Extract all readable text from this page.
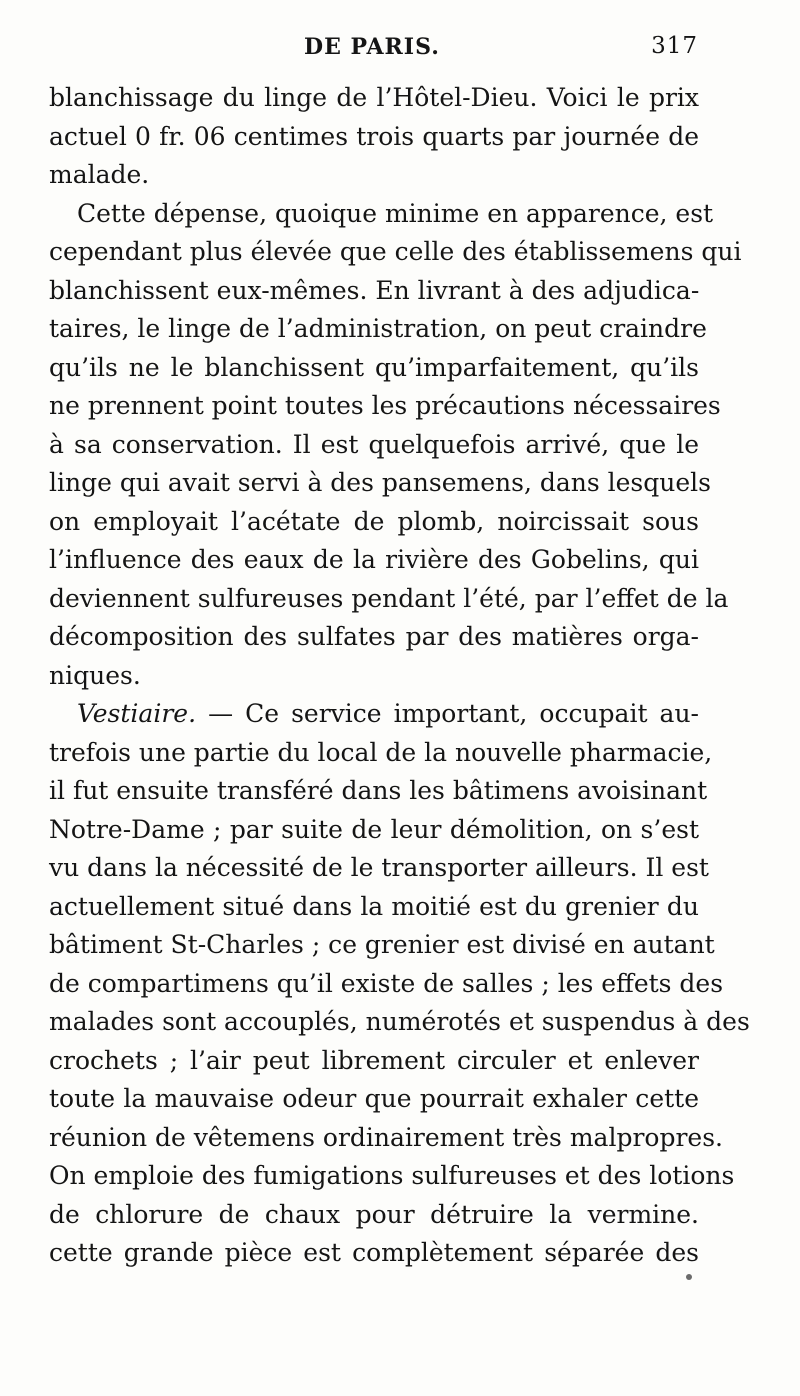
DE PARIS.	317
blanchissage du linge de l’Hôtel-Dieu. Voici le prix
actuel 0 fr. 06 centimes trois quarts par journée de
malade.
Cette dépense, quoique minime en apparence, est
cependant plus élevée que celle des établissemens qui
blanchissent eux-mêmes. En livrant à des adjudica-
taires, le linge de l’administration, on peut craindre
qu’ils ne le blanchissent qu’imparfaitement, qu’ils
ne prennent point toutes les précautions nécessaires
à sa conservation. Il est quelquefois arrivé, que le
linge qui avait servi à des pansemens, dans lesquels
on employait l’acétate de plomb, noircissait sous
l’influence des eaux de la rivière des Gobelins, qui
deviennent sulfureuses pendant l’été, par l’effet de la
décomposition des sulfates par des matières orga-
niques.
Vestiaire. — Ce service important, occupait au-
trefois une partie du local de la nouvelle pharmacie,
il fut ensuite transféré dans les bâtimens avoisinant
Notre-Dame ; par suite de leur démolition, on s’est
vu dans la nécessité de le transporter ailleurs. Il est
actuellement situé dans la moitié est du grenier du
bâtiment St-Charles ; ce grenier est divisé en autant
de compartimens qu’il existe de salles ; les effets des
malades sont accouplés, numérotés et suspendus à des
crochets ; l’air peut librement circuler et enlever
toute la mauvaise odeur que pourrait exhaler cette
réunion de vêtemens ordinairement très malpropres.
On emploie des fumigations sulfureuses et des lotions
de chlorure de chaux pour détruire la vermine.
cette grande pièce est complètement séparée des
